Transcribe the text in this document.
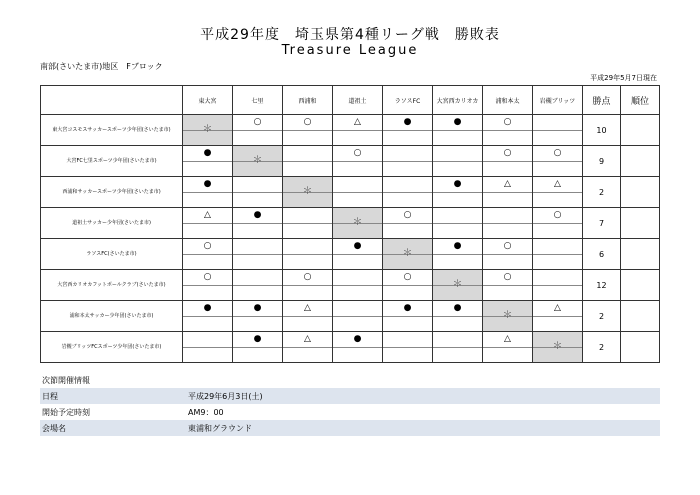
平成29年度　埼玉県第4種リーグ戦　勝敗表
Treasure League
南部(さいたま市)地区　Fブロック
平成29年5月7日現在
	東大宮	七里	西浦和	道祖土	ラソスFC	大宮西カリオカ	浦和本太	岩槻ブリッツ	勝点	順位
東大宮コスモスサッカースポーツ少年団(さいたま市)	＊	○	○	△	●	●	○		10	
大宮FC七里スポーツ少年団(さいたま市)	●	＊		○			○	○	9	
西浦和サッカースポーツ少年団(さいたま市)	●		＊			●	△	△	2	
道祖土サッカー少年団(さいたま市)	△	●		＊	○			○	7	
ラソスFC(さいたま市)	○			●	＊	●	○		6	
大宮西カリオカフットボールクラブ(さいたま市)	○		○		○	＊	○		12	
浦和本太サッカー少年団(さいたま市)	●	●	△		●	●	＊	△	2	
岩槻ブリッツFCスポーツ少年団(さいたま市)		●	△	●			△	＊	2	
次節開催情報
日程	平成29年6月3日(土)
開始予定時刻	AM9：00
会場名	東浦和グラウンド
